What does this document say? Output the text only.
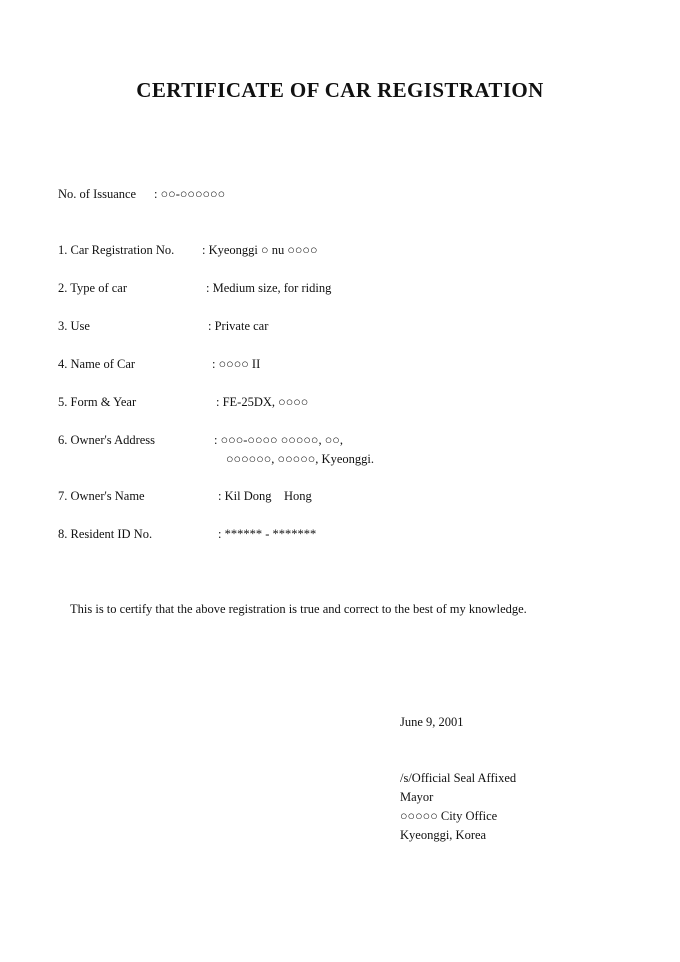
CERTIFICATE OF CAR REGISTRATION
No. of Issuance : ○○-○○○○○○
1. Car Registration No. : Kyeonggi ○ nu ○○○○
2. Type of car	: Medium size, for riding
3. Use	: Private car
4. Name of Car	: ○○○○ II
5. Form & Year	: FE-25DX, ○○○○
6. Owner's Address	: ○○○-○○○○ ○○○○○, ○○,
○○○○○○, ○○○○○, Kyeonggi.
7. Owner's Name	: Kil Dong    Hong
8. Resident ID No.	: ****** - *******

This is to certify that the above registration is true and correct to the best of my knowledge.

June 9, 2001
/s/Official Seal Affixed
Mayor
○○○○○ City Office
Kyeonggi, Korea
